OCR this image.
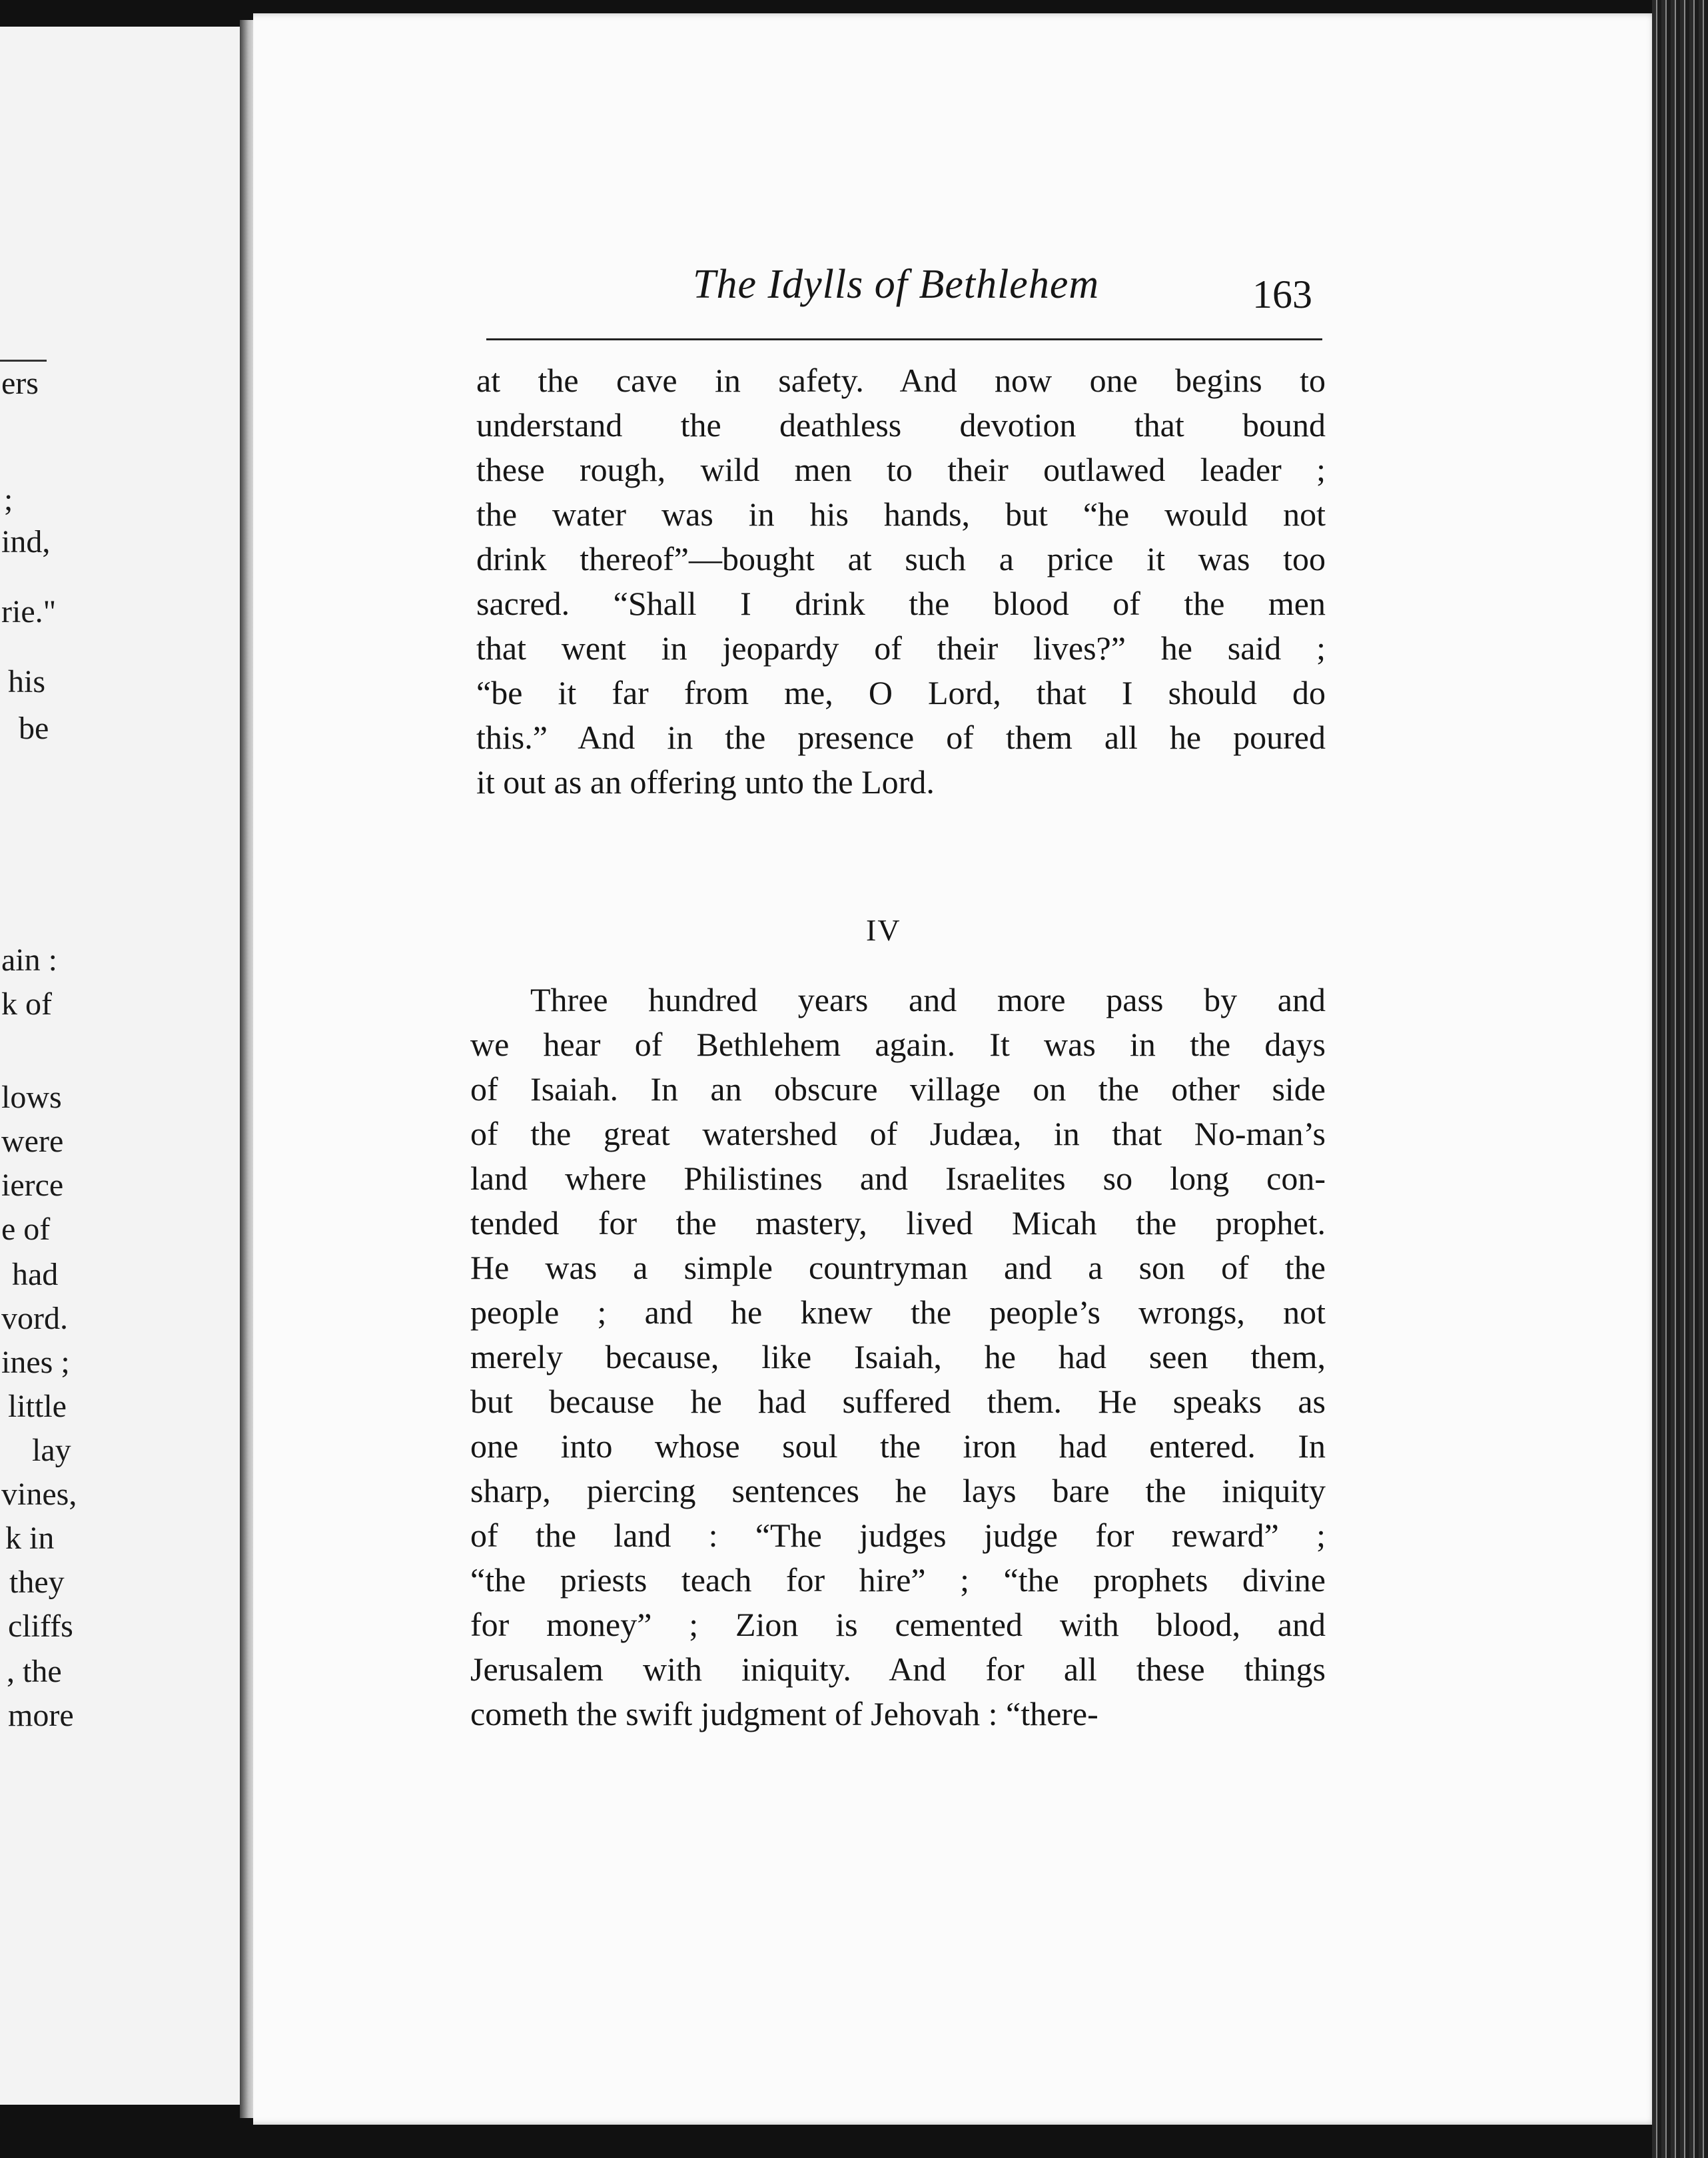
ers
;
ind,
rie."
his
be
ain :
k of
lows
were
ierce
e of
had
vord.
ines ;
little
lay
vines,
k in
they
cliffs
, the
more
The Idylls of Bethlehem	163
at the cave in safety. And now one begins to
understand the deathless devotion that bound
these rough, wild men to their outlawed leader ;
the water was in his hands, but “he would not
drink thereof”—bought at such a price it was too
sacred. “Shall I drink the blood of the men
that went in jeopardy of their lives?” he said ;
“be it far from me, O Lord, that I should do
this.” And in the presence of them all he poured
it out as an offering unto the Lord.
IV
Three hundred years and more pass by and
we hear of Bethlehem again. It was in the days
of Isaiah. In an obscure village on the other side
of the great watershed of Judæa, in that No-man’s
land where Philistines and Israelites so long con-
tended for the mastery, lived Micah the prophet.
He was a simple countryman and a son of the
people ; and he knew the people’s wrongs, not
merely because, like Isaiah, he had seen them,
but because he had suffered them. He speaks as
one into whose soul the iron had entered. In
sharp, piercing sentences he lays bare the iniquity
of the land : “The judges judge for reward” ;
“the priests teach for hire” ; “the prophets divine
for money” ; Zion is cemented with blood, and
Jerusalem with iniquity. And for all these things
cometh the swift judgment of Jehovah : “there-
